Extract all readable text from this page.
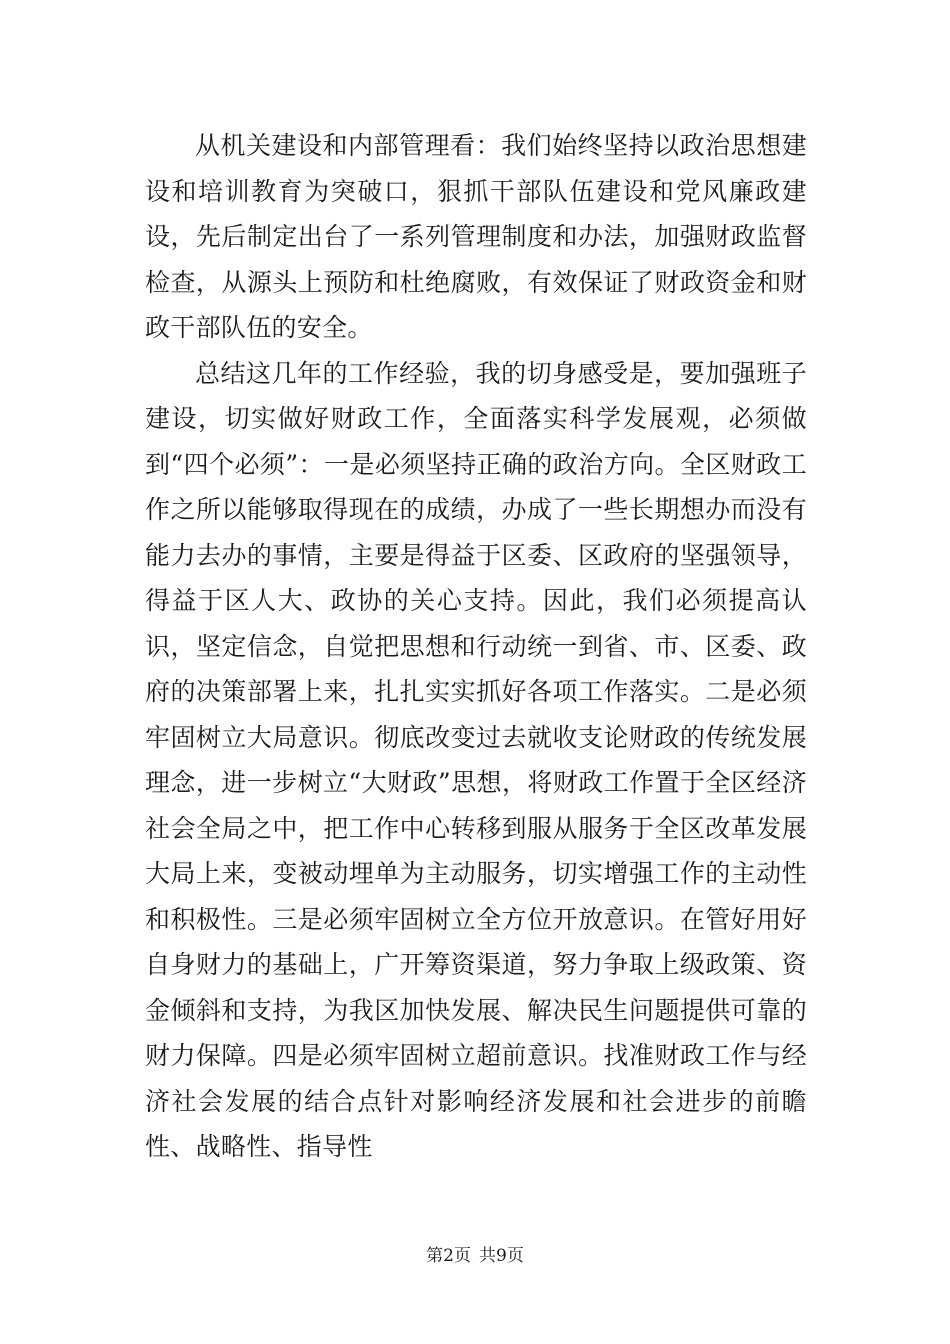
从机关建设和内部管理看：我们始终坚持以政治思想建设和培训教育为突破口，狠抓干部队伍建设和党风廉政建设，先后制定出台了一系列管理制度和办法，加强财政监督检查，从源头上预防和杜绝腐败，有效保证了财政资金和财政干部队伍的安全。

总结这几年的工作经验，我的切身感受是，要加强班子建设，切实做好财政工作，全面落实科学发展观，必须做到“四个必须”：一是必须坚持正确的政治方向。全区财政工作之所以能够取得现在的成绩，办成了一些长期想办而没有能力去办的事情，主要是得益于区委、区政府的坚强领导，得益于区人大、政协的关心支持。因此，我们必须提高认识，坚定信念，自觉把思想和行动统一到省、市、区委、政府的决策部署上来，扎扎实实抓好各项工作落实。二是必须牢固树立大局意识。彻底改变过去就收支论财政的传统发展理念，进一步树立“大财政”思想，将财政工作置于全区经济社会全局之中，把工作中心转移到服从服务于全区改革发展大局上来，变被动埋单为主动服务，切实增强工作的主动性和积极性。三是必须牢固树立全方位开放意识。在管好用好自身财力的基础上，广开筹资渠道，努力争取上级政策、资金倾斜和支持，为我区加快发展、解决民生问题提供可靠的财力保障。四是必须牢固树立超前意识。找准财政工作与经济社会发展的结合点针对影响经济发展和社会进步的前瞻性、战略性、指导性

第2页 共9页
